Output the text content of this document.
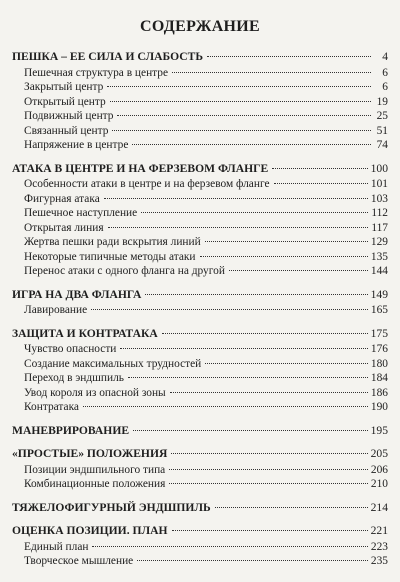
СОДЕРЖАНИЕ
ПЕШКА – ЕЕ СИЛА И СЛАБОСТЬ	4
Пешечная структура в центре	6
Закрытый центр	6
Открытый центр	19
Подвижный центр	25
Связанный центр	51
Напряжение в центре	74
АТАКА В ЦЕНТРЕ И НА ФЕРЗЕВОМ ФЛАНГЕ	100
Особенности атаки в центре и на ферзевом фланге	101
Фигурная атака	103
Пешечное наступление	112
Открытая линия	117
Жертва пешки ради вскрытия линий	129
Некоторые типичные методы атаки	135
Перенос атаки с одного фланга на другой	144
ИГРА НА ДВА ФЛАНГА	149
Лавирование	165
ЗАЩИТА И КОНТРАТАКА	175
Чувство опасности	176
Создание максимальных трудностей	180
Переход в эндшпиль	184
Увод короля из опасной зоны	186
Контратака	190
МАНЕВРИРОВАНИЕ	195
«ПРОСТЫЕ» ПОЛОЖЕНИЯ	205
Позиции эндшпильного типа	206
Комбинационные положения	210
ТЯЖЕЛОФИГУРНЫЙ ЭНДШПИЛЬ	214
ОЦЕНКА ПОЗИЦИИ. ПЛАН	221
Единый план	223
Творческое мышление	235
